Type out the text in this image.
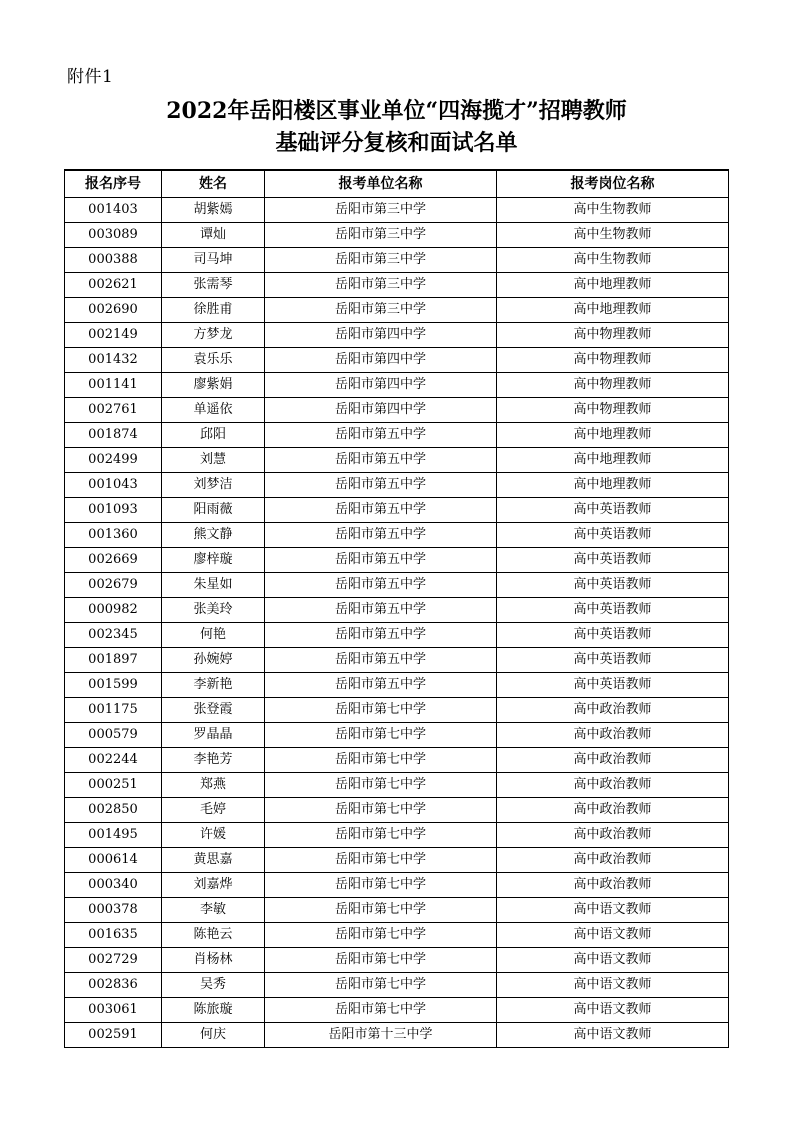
附件1
2022年岳阳楼区事业单位“四海揽才”招聘教师
基础评分复核和面试名单
报名序号	姓名	报考单位名称	报考岗位名称
001403	胡紫嫣	岳阳市第三中学	高中生物教师
003089	谭灿	岳阳市第三中学	高中生物教师
000388	司马坤	岳阳市第三中学	高中生物教师
002621	张需琴	岳阳市第三中学	高中地理教师
002690	徐胜甫	岳阳市第三中学	高中地理教师
002149	方梦龙	岳阳市第四中学	高中物理教师
001432	袁乐乐	岳阳市第四中学	高中物理教师
001141	廖紫娟	岳阳市第四中学	高中物理教师
002761	单遥依	岳阳市第四中学	高中物理教师
001874	邱阳	岳阳市第五中学	高中地理教师
002499	刘慧	岳阳市第五中学	高中地理教师
001043	刘梦洁	岳阳市第五中学	高中地理教师
001093	阳雨薇	岳阳市第五中学	高中英语教师
001360	熊文静	岳阳市第五中学	高中英语教师
002669	廖梓璇	岳阳市第五中学	高中英语教师
002679	朱星如	岳阳市第五中学	高中英语教师
000982	张美玲	岳阳市第五中学	高中英语教师
002345	何艳	岳阳市第五中学	高中英语教师
001897	孙婉婷	岳阳市第五中学	高中英语教师
001599	李新艳	岳阳市第五中学	高中英语教师
001175	张登霞	岳阳市第七中学	高中政治教师
000579	罗晶晶	岳阳市第七中学	高中政治教师
002244	李艳芳	岳阳市第七中学	高中政治教师
000251	郑燕	岳阳市第七中学	高中政治教师
002850	毛婷	岳阳市第七中学	高中政治教师
001495	许媛	岳阳市第七中学	高中政治教师
000614	黄思嘉	岳阳市第七中学	高中政治教师
000340	刘嘉烨	岳阳市第七中学	高中政治教师
000378	李敏	岳阳市第七中学	高中语文教师
001635	陈艳云	岳阳市第七中学	高中语文教师
002729	肖杨林	岳阳市第七中学	高中语文教师
002836	吴秀	岳阳市第七中学	高中语文教师
003061	陈旅璇	岳阳市第七中学	高中语文教师
002591	何庆	岳阳市第十三中学	高中语文教师
